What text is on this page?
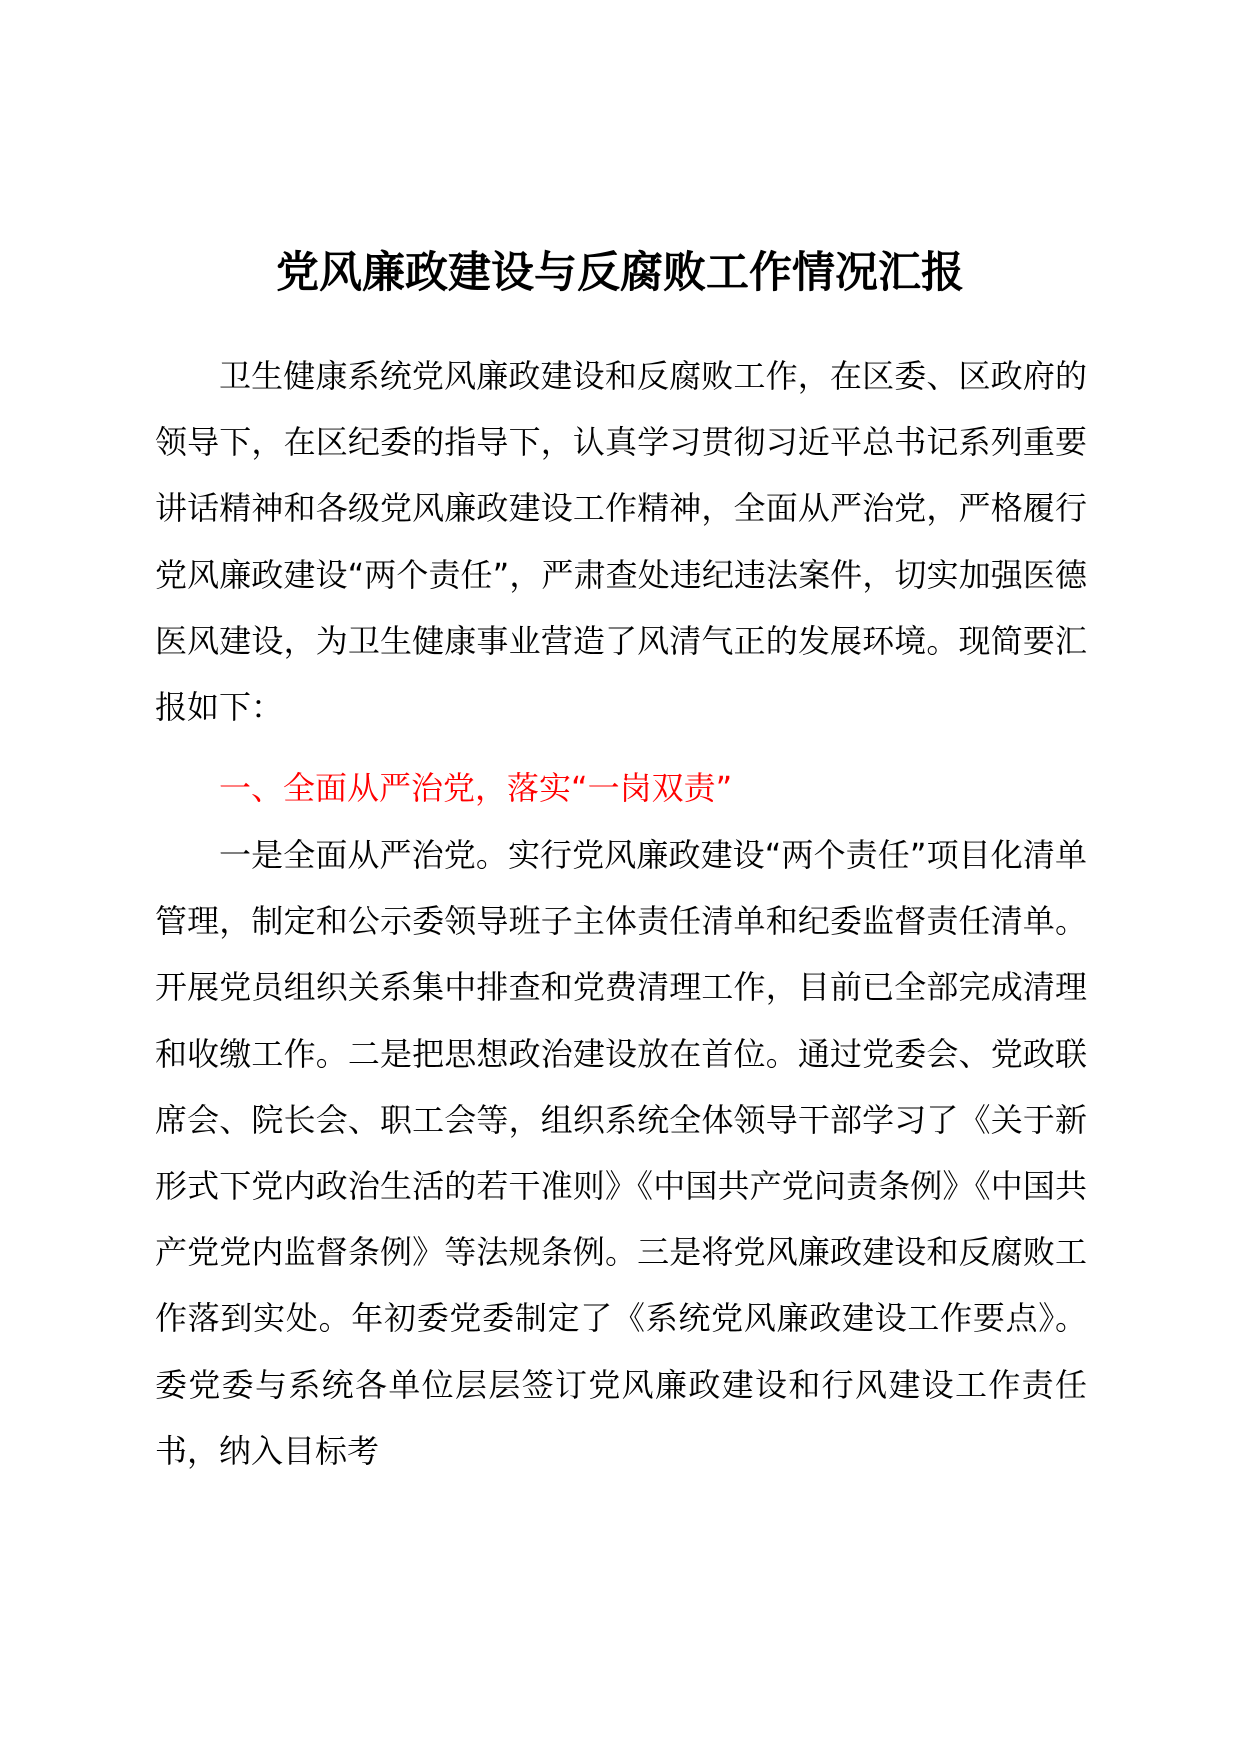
党风廉政建设与反腐败工作情况汇报
卫生健康系统党风廉政建设和反腐败工作，在区委、区政府的领导下，在区纪委的指导下，认真学习贯彻习近平总书记系列重要讲话精神和各级党风廉政建设工作精神，全面从严治党，严格履行党风廉政建设“两个责任”，严肃查处违纪违法案件，切实加强医德医风建设，为卫生健康事业营造了风清气正的发展环境。现简要汇报如下：
一、全面从严治党，落实“一岗双责”
一是全面从严治党。实行党风廉政建设“两个责任”项目化清单管理，制定和公示委领导班子主体责任清单和纪委监督责任清单。开展党员组织关系集中排查和党费清理工作，目前已全部完成清理和收缴工作。二是把思想政治建设放在首位。通过党委会、党政联席会、院长会、职工会等，组织系统全体领导干部学习了《关于新形式下党内政治生活的若干准则》《中国共产党问责条例》《中国共产党党内监督条例》等法规条例。三是将党风廉政建设和反腐败工作落到实处。年初委党委制定了《系统党风廉政建设工作要点》。委党委与系统各单位层层签订党风廉政建设和行风建设工作责任书，纳入目标考
